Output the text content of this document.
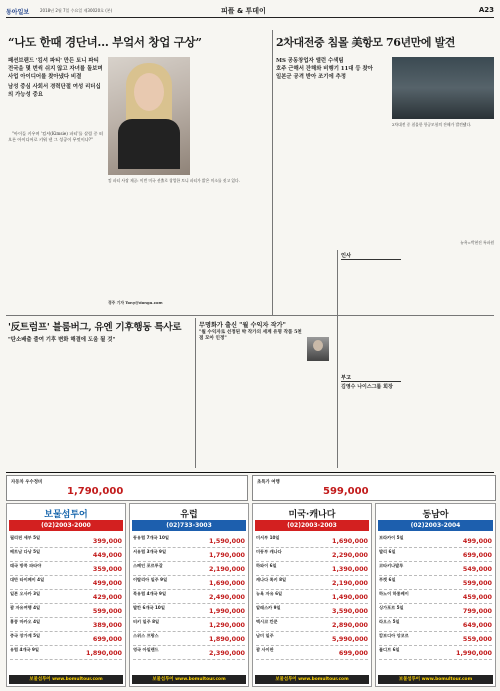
동아일보	2018년 2월 7일 수요일 제30020호 (본)	피플 & 투데이	A23
“나도 한때 경단녀… 부엌서 창업 구상”
패션브랜드 '킴셔 파티' 만든 토니 파티
전국을 몇 번씩 쉬지 않고 자녀를 돌보며 사업 아이디어를 찾아냈다 비결
남성 중심 사회서 경력단절 여성 리더십의 가능성 중요

"아이들 키우며 '킴셔(Kimsie) 파티'를 살림 중 떠오른 아이디어로 키워 낸 그 성공이 무엇이냐?"

킴 파티 사장 제공: 이번 미국 선출로 창업한 토니 파티가 밝은 미소를 짓고 있다.
경주 기자 Tony@donga.com
2차대전중 침몰 美항모 76년만에 발견
MS 공동창업자 앨런 수색팀
호주 근해서 잔해와 비행기 11대 등 찾아
일본군 공격 받아 조기에 추정
2차대전 중 침몰한 항공모함의 잔해가 발견됐다.
뉴욕=박현진 특파원
'反트럼프' 블룸버그, 유엔 기후행동 특사로
"탄소배출 줄여 기후 변화 해결에 도움 될 것"
무명화가 출신 "월 수익자 작가"
"월 수익자로 선정된 박 작가의 세계 유명 작품 5천 점 모아 인정"
인사
부고
김영수 나이스그룹 회장
자동차 우수정비
1,790,000
초특가 여행
599,000
보물섬투어
(02)2003-2000
필리핀 세부 5일	399,000
베트남 다낭 5일	449,000
태국 방콕 파타야	359,000
대만 타이페이 4일	499,000
일본 오사카 3일	429,000
괌 자유여행 4일	599,000
홍콩 마카오 4일	389,000
중국 장가계 5일	699,000
유럽 4개국 9일	1,890,000
보물섬투어 www.bomultour.com
유럽
(02)733-3003
동유럽 7개국 10일	1,590,000
서유럽 3개국 9일	1,790,000
스페인 포르투갈	2,190,000
이탈리아 일주 9일	1,690,000
북유럽 4개국 9일	2,490,000
발칸 6개국 10일	1,990,000
터키 일주 8일	1,290,000
스위스 프랑스	1,890,000
영국 아일랜드	2,390,000
보물섬투어 www.bomultour.com
미국·캐나다
(02)2003-2003
미서부 10일	1,690,000
미동부 캐나다	2,290,000
하와이 6일	1,390,000
캐나다 록키 8일	2,190,000
뉴욕 자유 6일	1,490,000
알래스카 9일	3,590,000
멕시코 칸쿤	2,890,000
남미 일주	5,990,000
괌 사이판	699,000
보물섬투어 www.bomultour.com
동남아
(02)2003-2004
보라카이 5일	499,000
발리 6일	699,000
코타키나발루	549,000
푸켓 6일	599,000
하노이 하롱베이	459,000
싱가포르 5일	799,000
라오스 5일	649,000
캄보디아 앙코르	559,000
몰디브 6일	1,990,000
보물섬투어 www.bomultour.com
